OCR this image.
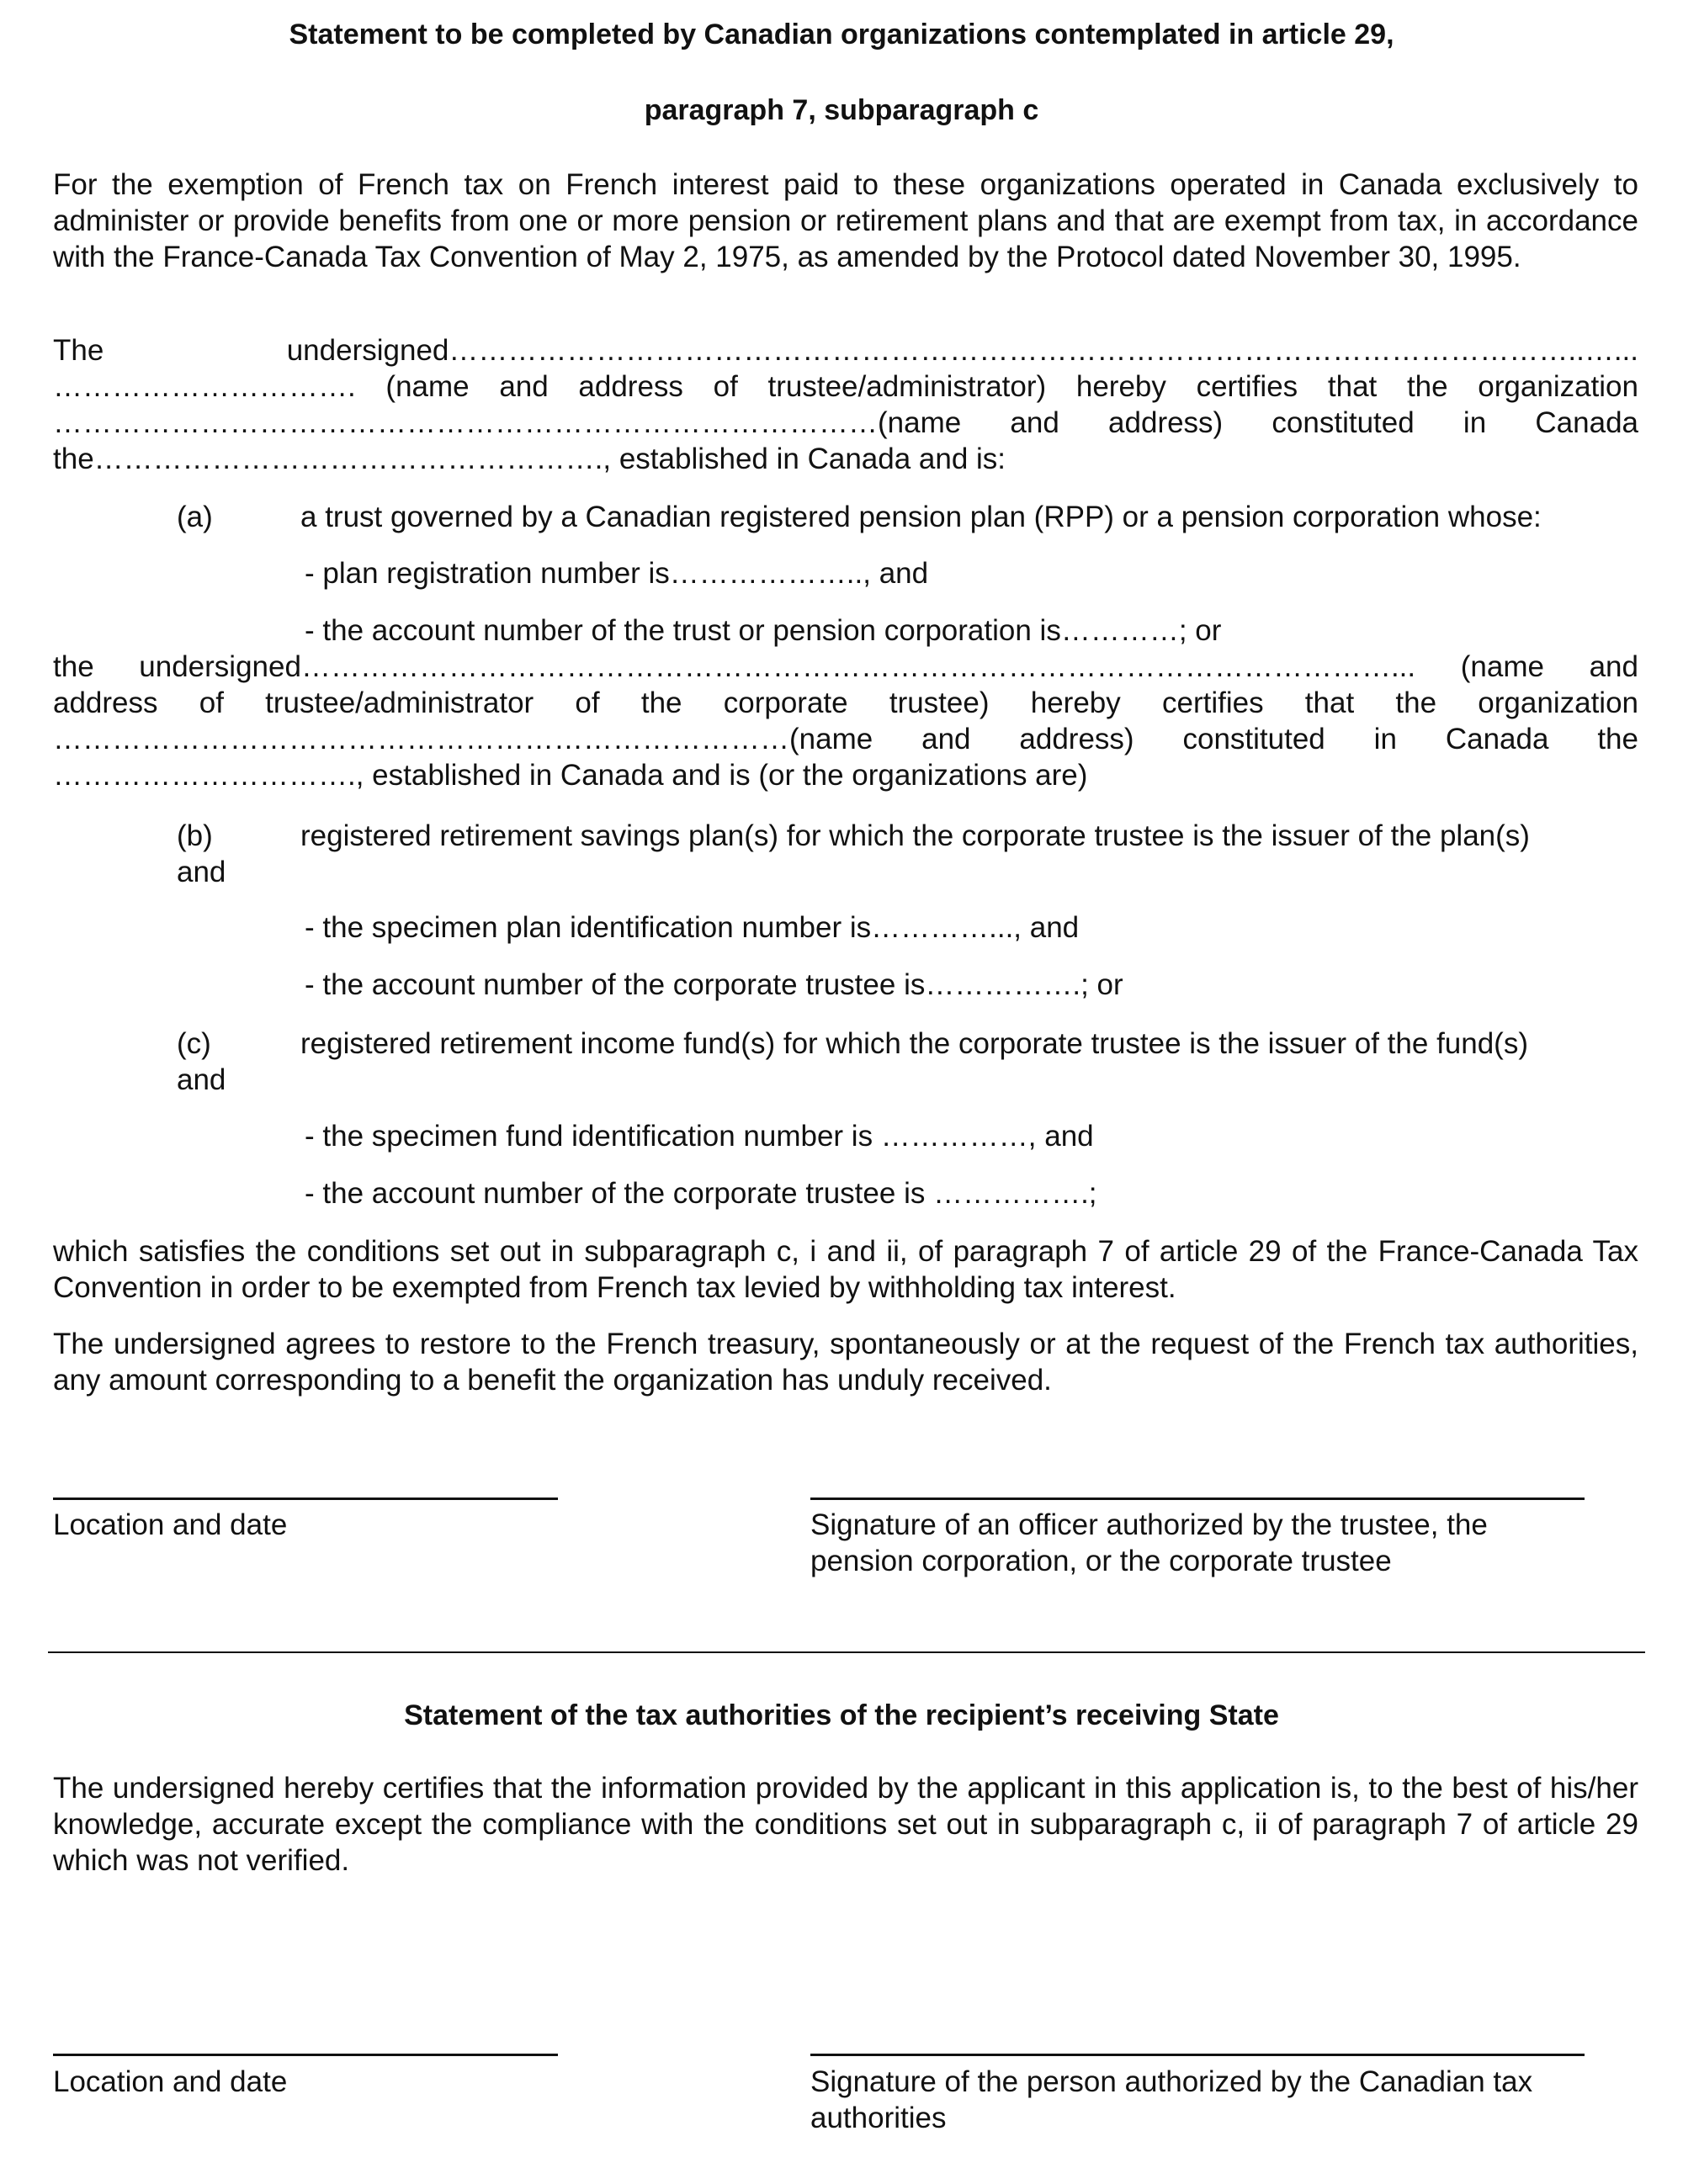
Statement to be completed by Canadian organizations contemplated in article 29,
paragraph 7, subparagraph c
For the exemption of French tax on French interest paid to these organizations operated in Canada exclusively to administer or provide benefits from one or more pension or retirement plans and that are exempt from tax, in accordance with the France-Canada Tax Convention of May 2, 1975, as amended by the Protocol dated November 30, 1995.
The undersigned……………………………………………………………………………………………………..…...
…………………………. (name and address of trustee/administrator) hereby certifies that the organization
…………………………………………………………………………(name and address) constituted in Canada
the……………………………………………., established in Canada and is:
(a)	a trust governed by a Canadian registered pension plan (RPP) or a pension corporation whose:
- plan registration number is……………….., and
- the account number of the trust or pension corporation is…………; or
the undersigned…………………………………………………………………………………………………... (name and
address of trustee/administrator of the corporate trustee) hereby certifies that the organization
…………………………………………………………………(name and address) constituted in Canada the
…………………………., established in Canada and is (or the organizations are)
(b)	registered retirement savings plan(s) for which the corporate trustee is the issuer of the plan(s)
and
- the specimen plan identification number is…………..., and
- the account number of the corporate trustee is…………….; or
(c)	registered retirement income fund(s) for which the corporate trustee is the issuer of the fund(s)
and
- the specimen fund identification number is ……………, and
- the account number of the corporate trustee is …………….;
which satisfies the conditions set out in subparagraph c, i and ii, of paragraph 7 of article 29 of the France-Canada Tax Convention in order to be exempted from French tax levied by withholding tax interest.
The undersigned agrees to restore to the French treasury, spontaneously or at the request of the French tax authorities, any amount corresponding to a benefit the organization has unduly received.
Location and date	Signature of an officer authorized by the trustee, the
pension corporation, or the corporate trustee
Statement of the tax authorities of the recipient’s receiving State
The undersigned hereby certifies that the information provided by the applicant in this application is, to the best of his/her knowledge, accurate except the compliance with the conditions set out in subparagraph c, ii of paragraph 7 of article 29 which was not verified.
Location and date	Signature of the person authorized by the Canadian tax
authorities
